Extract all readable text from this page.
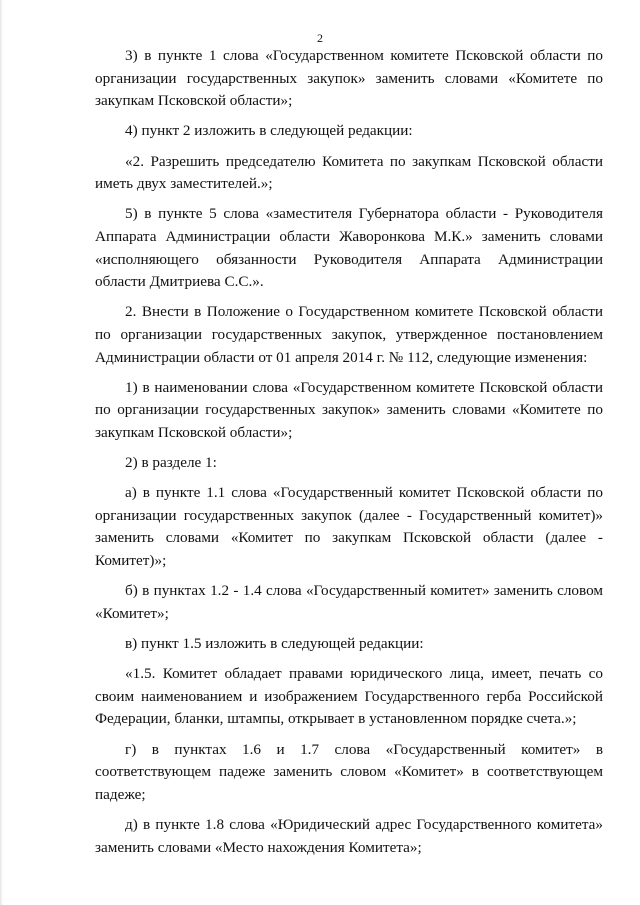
2

3) в пункте 1 слова «Государственном комитете Псковской области по организации государственных закупок» заменить словами «Комитете по закупкам Псковской области»;

4) пункт 2 изложить в следующей редакции:

«2. Разрешить председателю Комитета по закупкам Псковской области иметь двух заместителей.»;

5) в пункте 5 слова «заместителя Губернатора области - Руководителя Аппарата Администрации области Жаворонкова М.К.» заменить словами «исполняющего обязанности Руководителя Аппарата Администрации области Дмитриева С.С.».

2. Внести в Положение о Государственном комитете Псковской области по организации государственных закупок, утвержденное постановлением Администрации области от 01 апреля 2014 г. № 112, следующие изменения:

1) в наименовании слова «Государственном комитете Псковской области по организации государственных закупок» заменить словами «Комитете по закупкам Псковской области»;

2) в разделе 1:

а) в пункте 1.1 слова «Государственный комитет Псковской области по организации государственных закупок (далее - Государственный комитет)» заменить словами «Комитет по закупкам Псковской области (далее - Комитет)»;

б) в пунктах 1.2 - 1.4 слова «Государственный комитет» заменить словом «Комитет»;

в) пункт 1.5 изложить в следующей редакции:

«1.5. Комитет обладает правами юридического лица, имеет, печать со своим наименованием и изображением Государственного герба Российской Федерации, бланки, штампы, открывает в установленном порядке счета.»;

г) в пунктах 1.6 и 1.7 слова «Государственный комитет» в соответствующем падеже заменить словом «Комитет» в соответствующем падеже;

д) в пункте 1.8 слова «Юридический адрес Государственного комитета» заменить словами «Место нахождения Комитета»;
